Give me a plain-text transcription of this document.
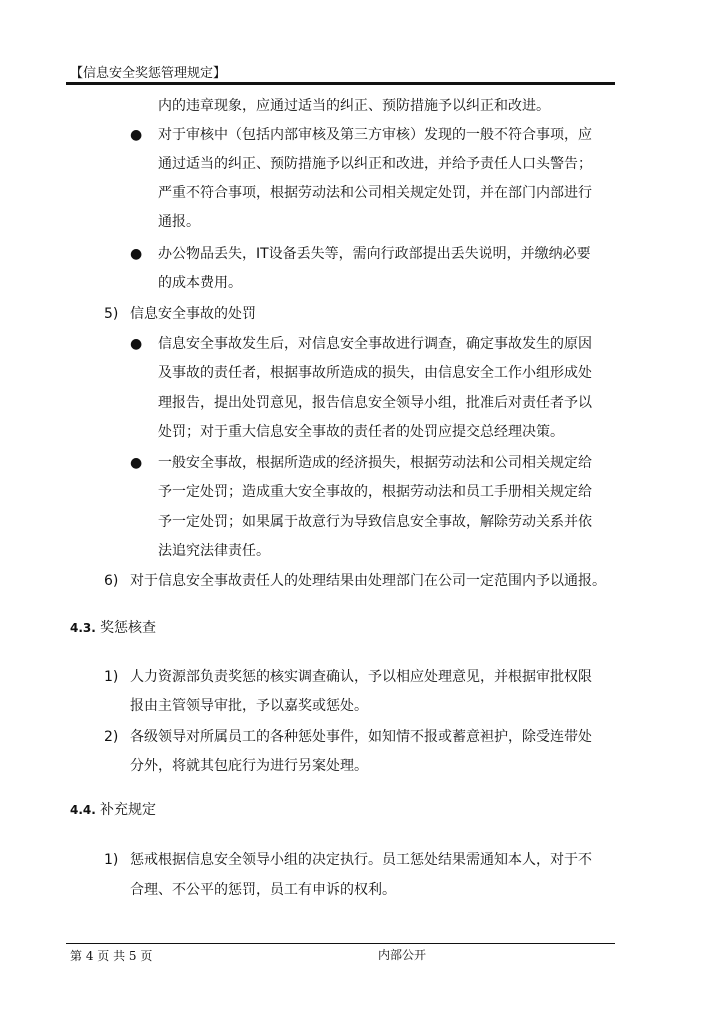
【信息安全奖惩管理规定】
内的违章现象，应通过适当的纠正、预防措施予以纠正和改进。
● 对于审核中（包括内部审核及第三方审核）发现的一般不符合事项，应
通过适当的纠正、预防措施予以纠正和改进，并给予责任人口头警告；
严重不符合事项，根据劳动法和公司相关规定处罚，并在部门内部进行
通报。
● 办公物品丢失，IT设备丢失等，需向行政部提出丢失说明，并缴纳必要
的成本费用。
5) 信息安全事故的处罚
● 信息安全事故发生后，对信息安全事故进行调查，确定事故发生的原因
及事故的责任者，根据事故所造成的损失，由信息安全工作小组形成处
理报告，提出处罚意见，报告信息安全领导小组，批准后对责任者予以
处罚；对于重大信息安全事故的责任者的处罚应提交总经理决策。
● 一般安全事故，根据所造成的经济损失，根据劳动法和公司相关规定给
予一定处罚；造成重大安全事故的，根据劳动法和员工手册相关规定给
予一定处罚；如果属于故意行为导致信息安全事故，解除劳动关系并依
法追究法律责任。
6) 对于信息安全事故责任人的处理结果由处理部门在公司一定范围内予以通报。
4.3. 奖惩核查
1) 人力资源部负责奖惩的核实调查确认，予以相应处理意见，并根据审批权限
报由主管领导审批，予以嘉奖或惩处。
2) 各级领导对所属员工的各种惩处事件，如知情不报或蓄意袒护，除受连带处
分外，将就其包庇行为进行另案处理。
4.4. 补充规定
1) 惩戒根据信息安全领导小组的决定执行。员工惩处结果需通知本人，对于不
合理、不公平的惩罚，员工有申诉的权利。
第 4 页 共 5 页	内部公开
